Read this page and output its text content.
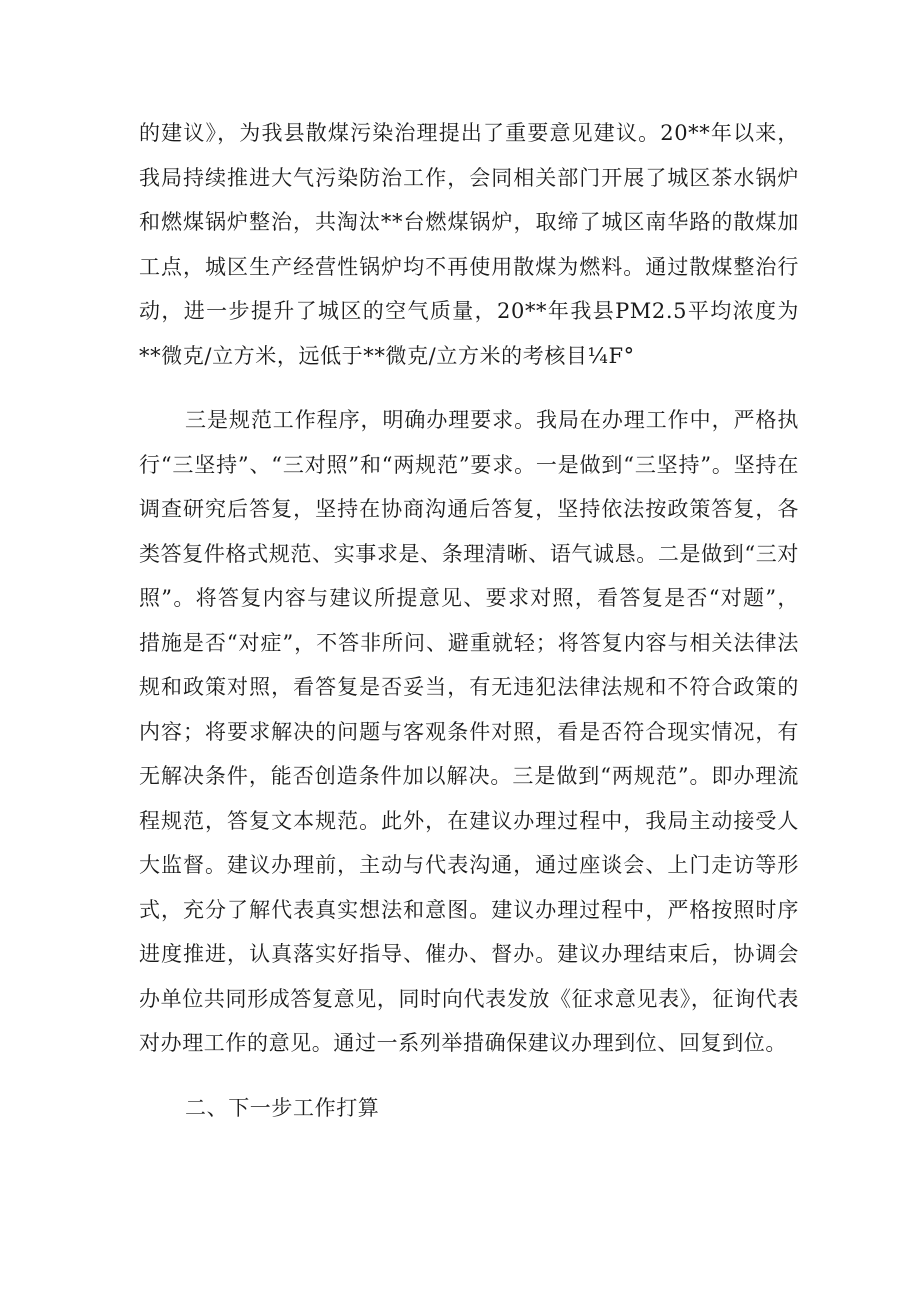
的建议》，为我县散煤污染治理提出了重要意见建议。20**年以来，我局持续推进大气污染防治工作，会同相关部门开展了城区茶水锅炉和燃煤锅炉整治，共淘汰**台燃煤锅炉，取缔了城区南华路的散煤加工点，城区生产经营性锅炉均不再使用散煤为燃料。通过散煤整治行动，进一步提升了城区的空气质量，20**年我县PM2.5平均浓度为**微克/立方米，远低于**微克/立方米的考核目¼F°

三是规范工作程序，明确办理要求。我局在办理工作中，严格执行“三坚持”、“三对照”和“两规范”要求。一是做到“三坚持”。坚持在调查研究后答复，坚持在协商沟通后答复，坚持依法按政策答复，各类答复件格式规范、实事求是、条理清晰、语气诚恳。二是做到“三对照”。将答复内容与建议所提意见、要求对照，看答复是否“对题”，措施是否“对症”，不答非所问、避重就轻；将答复内容与相关法律法规和政策对照，看答复是否妥当，有无违犯法律法规和不符合政策的内容；将要求解决的问题与客观条件对照，看是否符合现实情况，有无解决条件，能否创造条件加以解决。三是做到“两规范”。即办理流程规范，答复文本规范。此外，在建议办理过程中，我局主动接受人大监督。建议办理前，主动与代表沟通，通过座谈会、上门走访等形式，充分了解代表真实想法和意图。建议办理过程中，严格按照时序进度推进，认真落实好指导、催办、督办。建议办理结束后，协调会办单位共同形成答复意见，同时向代表发放《征求意见表》，征询代表对办理工作的意见。通过一系列举措确保建议办理到位、回复到位。

二、下一步工作打算
